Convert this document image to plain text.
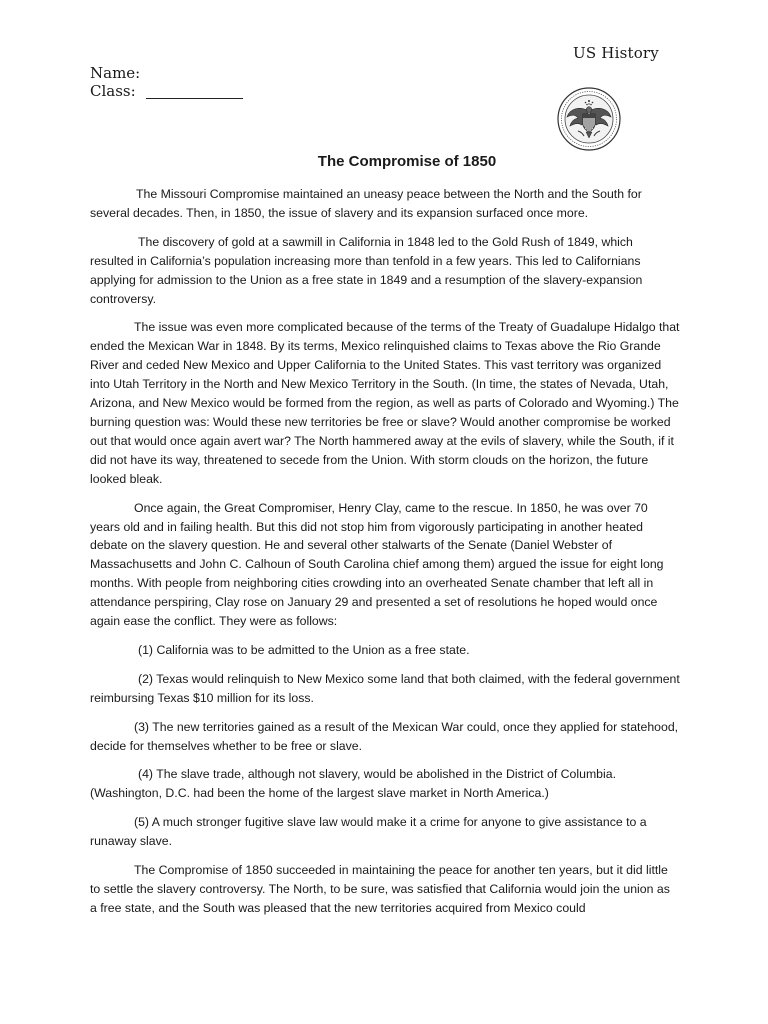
US History
Name:
Class:
The Compromise of 1850

The Missouri Compromise maintained an uneasy peace between the North and the South for several decades. Then, in 1850, the issue of slavery and its expansion surfaced once more.

The discovery of gold at a sawmill in California in 1848 led to the Gold Rush of 1849, which resulted in California’s population increasing more than tenfold in a few years. This led to Californians applying for admission to the Union as a free state in 1849 and a resumption of the slavery-expansion controversy.

The issue was even more complicated because of the terms of the Treaty of Guadalupe Hidalgo that ended the Mexican War in 1848. By its terms, Mexico relinquished claims to Texas above the Rio Grande River and ceded New Mexico and Upper California to the United States. This vast territory was organized into Utah Territory in the North and New Mexico Territory in the South. (In time, the states of Nevada, Utah, Arizona, and New Mexico would be formed from the region, as well as parts of Colorado and Wyoming.) The burning question was: Would these new territories be free or slave? Would another compromise be worked out that would once again avert war? The North hammered away at the evils of slavery, while the South, if it did not have its way, threatened to secede from the Union. With storm clouds on the horizon, the future looked bleak.

Once again, the Great Compromiser, Henry Clay, came to the rescue. In 1850, he was over 70 years old and in failing health. But this did not stop him from vigorously participating in another heated debate on the slavery question. He and several other stalwarts of the Senate (Daniel Webster of Massachusetts and John C. Calhoun of South Carolina chief among them) argued the issue for eight long months. With people from neighboring cities crowding into an overheated Senate chamber that left all in attendance perspiring, Clay rose on January 29 and presented a set of resolutions he hoped would once again ease the conflict. They were as follows:

(1) California was to be admitted to the Union as a free state.

(2) Texas would relinquish to New Mexico some land that both claimed, with the federal government reimbursing Texas $10 million for its loss.

(3) The new territories gained as a result of the Mexican War could, once they applied for statehood, decide for themselves whether to be free or slave.

(4) The slave trade, although not slavery, would be abolished in the District of Columbia. (Washington, D.C. had been the home of the largest slave market in North America.)

(5) A much stronger fugitive slave law would make it a crime for anyone to give assistance to a runaway slave.

The Compromise of 1850 succeeded in maintaining the peace for another ten years, but it did little to settle the slavery controversy. The North, to be sure, was satisfied that California would join the union as a free state, and the South was pleased that the new territories acquired from Mexico could
